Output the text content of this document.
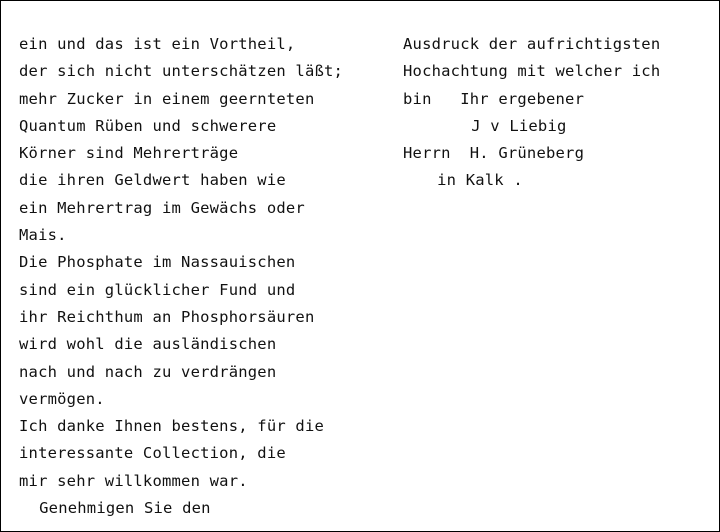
ein und das ist ein Vortheil,
der sich nicht unterschätzen läßt;
mehr Zucker in einem geernteten
Quantum Rüben und schwerere
Körner sind Mehrerträge
die ihren Geldwert haben wie
ein Mehrertrag im Gewächs oder
Mais.
Die Phosphate im Nassauischen
sind ein glücklicher Fund und
ihr Reichthum an Phosphorsäuren
wird wohl die ausländischen
nach und nach zu verdrängen
vermögen.
Ich danke Ihnen bestens, für die
interessante Collection, die
mir sehr willkommen war.
Genehmigen Sie den
Ausdruck der aufrichtigsten
Hochachtung mit welcher ich
bin   Ihr ergebener
J v Liebig
Herrn  H. Grüneberg
in Kalk .
